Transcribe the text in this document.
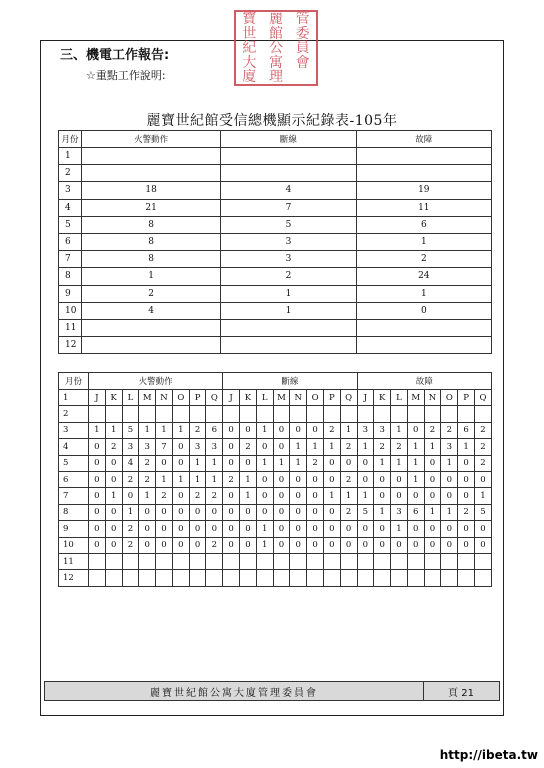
寶 麗 管
世 館 委
紀 公 員
大 寓 會
廈 理
三、機電工作報告:
☆重點工作說明:
麗寶世紀館受信總機顯示紀錄表-105年
月份	火警動作	斷線	故障
1			
2			
3	18	4	19
4	21	7	11
5	8	5	6
6	8	3	1
7	8	3	2
8	1	2	24
9	2	1	1
10	4	1	0
11			
12			
月份	火警動作								斷線								故障							
1	J	K	L	M	N	O	P	Q	J	K	L	M	N	O	P	Q	J	K	L	M	N	O	P	Q
2																								
3	1	1	5	1	1	1	2	6	0	0	1	0	0	0	2	1	3	3	1	0	2	2	6	2
4	0	2	3	3	7	0	3	3	0	2	0	0	1	1	1	2	1	2	2	1	1	3	1	2
5	0	0	4	2	0	0	1	1	0	0	1	1	1	2	0	0	0	1	1	1	0	1	0	2
6	0	0	2	2	1	1	1	1	2	1	0	0	0	0	0	2	0	0	0	1	0	0	0	0
7	0	1	0	1	2	0	2	2	0	1	0	0	0	0	1	1	1	0	0	0	0	0	0	1
8	0	0	1	0	0	0	0	0	0	0	0	0	0	0	0	2	5	1	3	6	1	1	2	5
9	0	0	2	0	0	0	0	0	0	0	1	0	0	0	0	0	0	0	1	0	0	0	0	0
10	0	0	2	0	0	0	0	2	0	0	1	0	0	0	0	0	0	0	0	0	0	0	0	0
11																								
12																								
麗寶世紀館公寓大廈管理委員會	頁 21
http://ibeta.tw
